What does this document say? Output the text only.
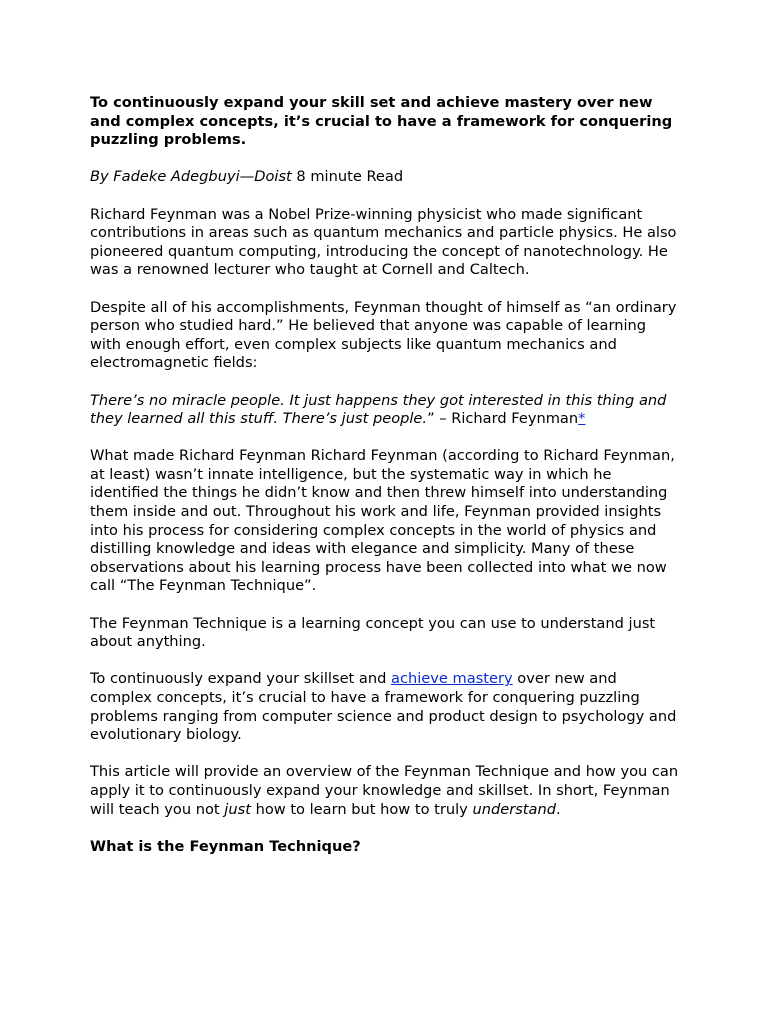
To continuously expand your skill set and achieve mastery over new and complex concepts, it’s crucial to have a framework for conquering puzzling problems.

By Fadeke Adegbuyi—Doist 8 minute Read

Richard Feynman was a Nobel Prize-winning physicist who made significant contributions in areas such as quantum mechanics and particle physics. He also pioneered quantum computing, introducing the concept of nanotechnology. He was a renowned lecturer who taught at Cornell and Caltech.

Despite all of his accomplishments, Feynman thought of himself as “an ordinary person who studied hard.” He believed that anyone was capable of learning with enough effort, even complex subjects like quantum mechanics and electromagnetic fields:

There’s no miracle people. It just happens they got interested in this thing and they learned all this stuff. There’s just people.” – Richard Feynman*

What made Richard Feynman Richard Feynman (according to Richard Feynman, at least) wasn’t innate intelligence, but the systematic way in which he identified the things he didn’t know and then threw himself into understanding them inside and out. Throughout his work and life, Feynman provided insights into his process for considering complex concepts in the world of physics and distilling knowledge and ideas with elegance and simplicity. Many of these observations about his learning process have been collected into what we now call “The Feynman Technique”.

The Feynman Technique is a learning concept you can use to understand just about anything.

To continuously expand your skillset and achieve mastery over new and complex concepts, it’s crucial to have a framework for conquering puzzling problems ranging from computer science and product design to psychology and evolutionary biology.

This article will provide an overview of the Feynman Technique and how you can apply it to continuously expand your knowledge and skillset. In short, Feynman will teach you not just how to learn but how to truly understand.

What is the Feynman Technique?
